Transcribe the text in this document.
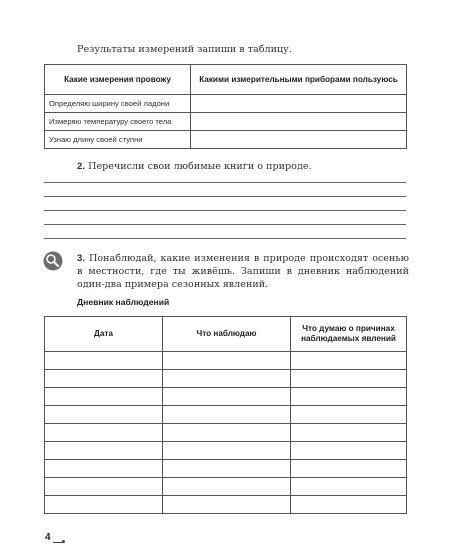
Результаты измерений запиши в таблицу.
Какие измерения провожу	Какими измерительными приборами пользуюсь
Определяю ширину своей ладони	
Измеряю температуру своего тела	
Узнаю длину своей ступни	
2. Перечисли свои любимые книги о природе.
3. Понаблюдай, какие изменения в природе происходят осенью в местности, где ты живёшь. Запиши в дневник наблюдений один-два примера сезонных явлений.
Дневник наблюдений
Дата	Что наблюдаю	Что думаю о причинах наблюдаемых явлений

4
